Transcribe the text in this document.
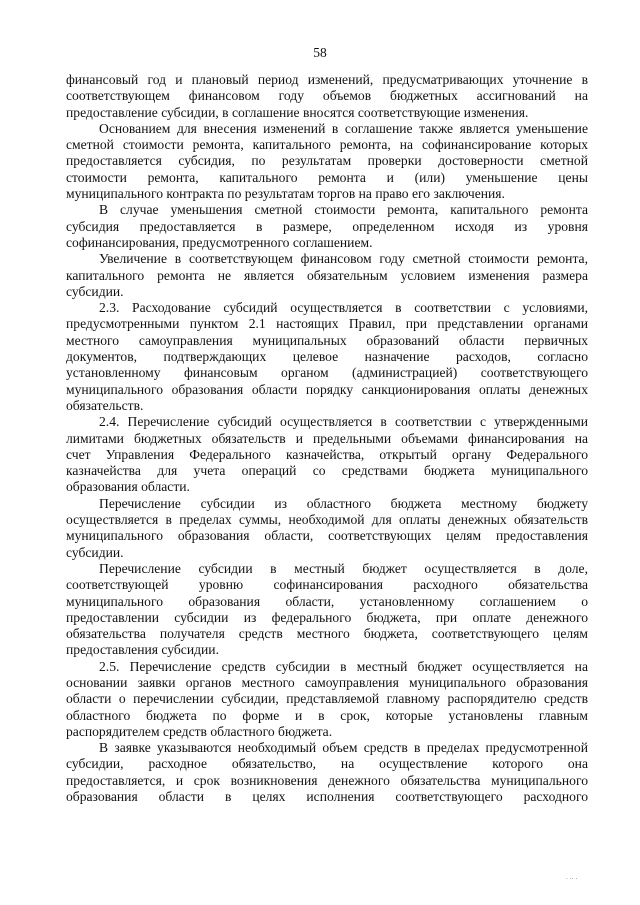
58
финансовый год и плановый период изменений, предусматривающих уточнение в
соответствующем финансовом году объемов бюджетных ассигнований на
предоставление субсидии, в соглашение вносятся соответствующие изменения.
Основанием для внесения изменений в соглашение также является уменьшение
сметной стоимости ремонта, капитального ремонта, на софинансирование которых
предоставляется субсидия, по результатам проверки достоверности сметной
стоимости ремонта, капитального ремонта и (или) уменьшение цены
муниципального контракта по результатам торгов на право его заключения.
В случае уменьшения сметной стоимости ремонта, капитального ремонта
субсидия предоставляется в размере, определенном исходя из уровня
софинансирования, предусмотренного соглашением.
Увеличение в соответствующем финансовом году сметной стоимости ремонта,
капитального ремонта не является обязательным условием изменения размера
субсидии.
2.3. Расходование субсидий осуществляется в соответствии с условиями,
предусмотренными пунктом 2.1 настоящих Правил, при представлении органами
местного самоуправления муниципальных образований области первичных
документов, подтверждающих целевое назначение расходов, согласно
установленному финансовым органом (администрацией) соответствующего
муниципального образования области порядку санкционирования оплаты денежных
обязательств.
2.4. Перечисление субсидий осуществляется в соответствии с утвержденными
лимитами бюджетных обязательств и предельными объемами финансирования на
счет Управления Федерального казначейства, открытый органу Федерального
казначейства для учета операций со средствами бюджета муниципального
образования области.
Перечисление субсидии из областного бюджета местному бюджету
осуществляется в пределах суммы, необходимой для оплаты денежных обязательств
муниципального образования области, соответствующих целям предоставления
субсидии.
Перечисление субсидии в местный бюджет осуществляется в доле,
соответствующей уровню софинансирования расходного обязательства
муниципального образования области, установленному соглашением о
предоставлении субсидии из федерального бюджета, при оплате денежного
обязательства получателя средств местного бюджета, соответствующего целям
предоставления субсидии.
2.5. Перечисление средств субсидии в местный бюджет осуществляется на
основании заявки органов местного самоуправления муниципального образования
области о перечислении субсидии, представляемой главному распорядителю средств
областного бюджета по форме и в срок, которые установлены главным
распорядителем средств областного бюджета.
В заявке указываются необходимый объем средств в пределах предусмотренной
субсидии, расходное обязательство, на осуществление которого она
предоставляется, и срок возникновения денежного обязательства муниципального
образования области в целях исполнения соответствующего расходного
· ·· ·
